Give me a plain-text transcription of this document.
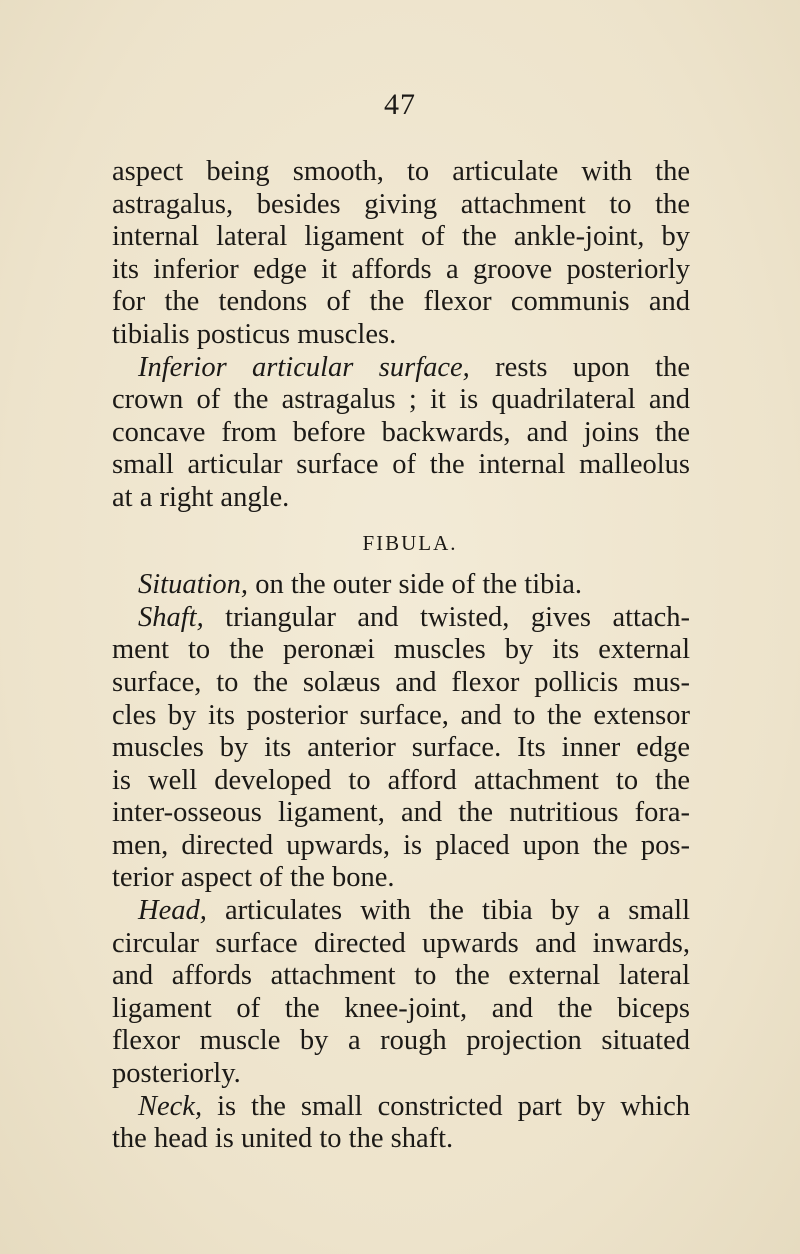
47
aspect being smooth, to articulate with the
astragalus, besides giving attachment to the
internal lateral ligament of the ankle-joint, by
its inferior edge it affords a groove posteriorly
for the tendons of the flexor communis and
tibialis posticus muscles.
Inferior articular surface, rests upon the
crown of the astragalus ; it is quadrilateral and
concave from before backwards, and joins the
small articular surface of the internal malleolus
at a right angle.
FIBULA.
Situation, on the outer side of the tibia.
Shaft, triangular and twisted, gives attach-
ment to the peronæi muscles by its external
surface, to the solæus and flexor pollicis mus-
cles by its posterior surface, and to the extensor
muscles by its anterior surface. Its inner edge
is well developed to afford attachment to the
inter-osseous ligament, and the nutritious fora-
men, directed upwards, is placed upon the pos-
terior aspect of the bone.
Head, articulates with the tibia by a small
circular surface directed upwards and inwards,
and affords attachment to the external lateral
ligament of the knee-joint, and the biceps
flexor muscle by a rough projection situated
posteriorly.
Neck, is the small constricted part by which
the head is united to the shaft.
